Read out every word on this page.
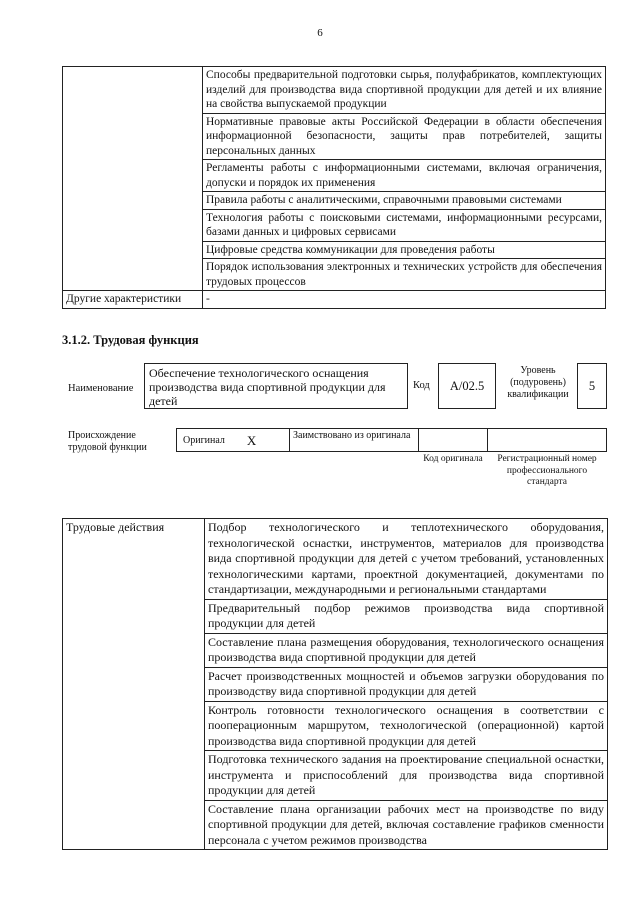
6
	Способы предварительной подготовки сырья, полуфабрикатов, комплектующих изделий для производства вида спортивной продукции для детей и их влияние на свойства выпускаемой продукции
	Нормативные правовые акты Российской Федерации в области обеспечения информационной безопасности, защиты прав потребителей, защиты персональных данных
	Регламенты работы с информационными системами, включая ограничения, допуски и порядок их применения
	Правила работы с аналитическими, справочными правовыми системами
	Технология работы с поисковыми системами, информационными ресурсами, базами данных и цифровых сервисами
	Цифровые средства коммуникации для проведения работы
	Порядок использования электронных и технических устройств для обеспечения трудовых процессов
Другие характеристики	-
3.1.2. Трудовая функция
Наименование
Обеспечение технологического оснащения производства вида спортивной продукции для детей
Код	A/02.5
Уровень (подуровень) квалификации
5
Происхождение трудовой функции
Оригинал X	Заимствовано из оригинала
Код оригинала	Регистрационный номер профессионального стандарта
Трудовые действия	Подбор технологического и теплотехнического оборудования, технологической оснастки, инструментов, материалов для производства вида спортивной продукции для детей с учетом требований, установленных технологическими картами, проектной документацией, документами по стандартизации, международными и региональными стандартами
Предварительный подбор режимов производства вида спортивной продукции для детей
Составление плана размещения оборудования, технологического оснащения производства вида спортивной продукции для детей
Расчет производственных мощностей и объемов загрузки оборудования по производству вида спортивной продукции для детей
Контроль готовности технологического оснащения в соответствии с пооперационным маршрутом, технологической (операционной) картой производства вида спортивной продукции для детей
Подготовка технического задания на проектирование специальной оснастки, инструмента и приспособлений для производства вида спортивной продукции для детей
Составление плана организации рабочих мест на производстве по виду спортивной продукции для детей, включая составление графиков сменности персонала с учетом режимов производства
